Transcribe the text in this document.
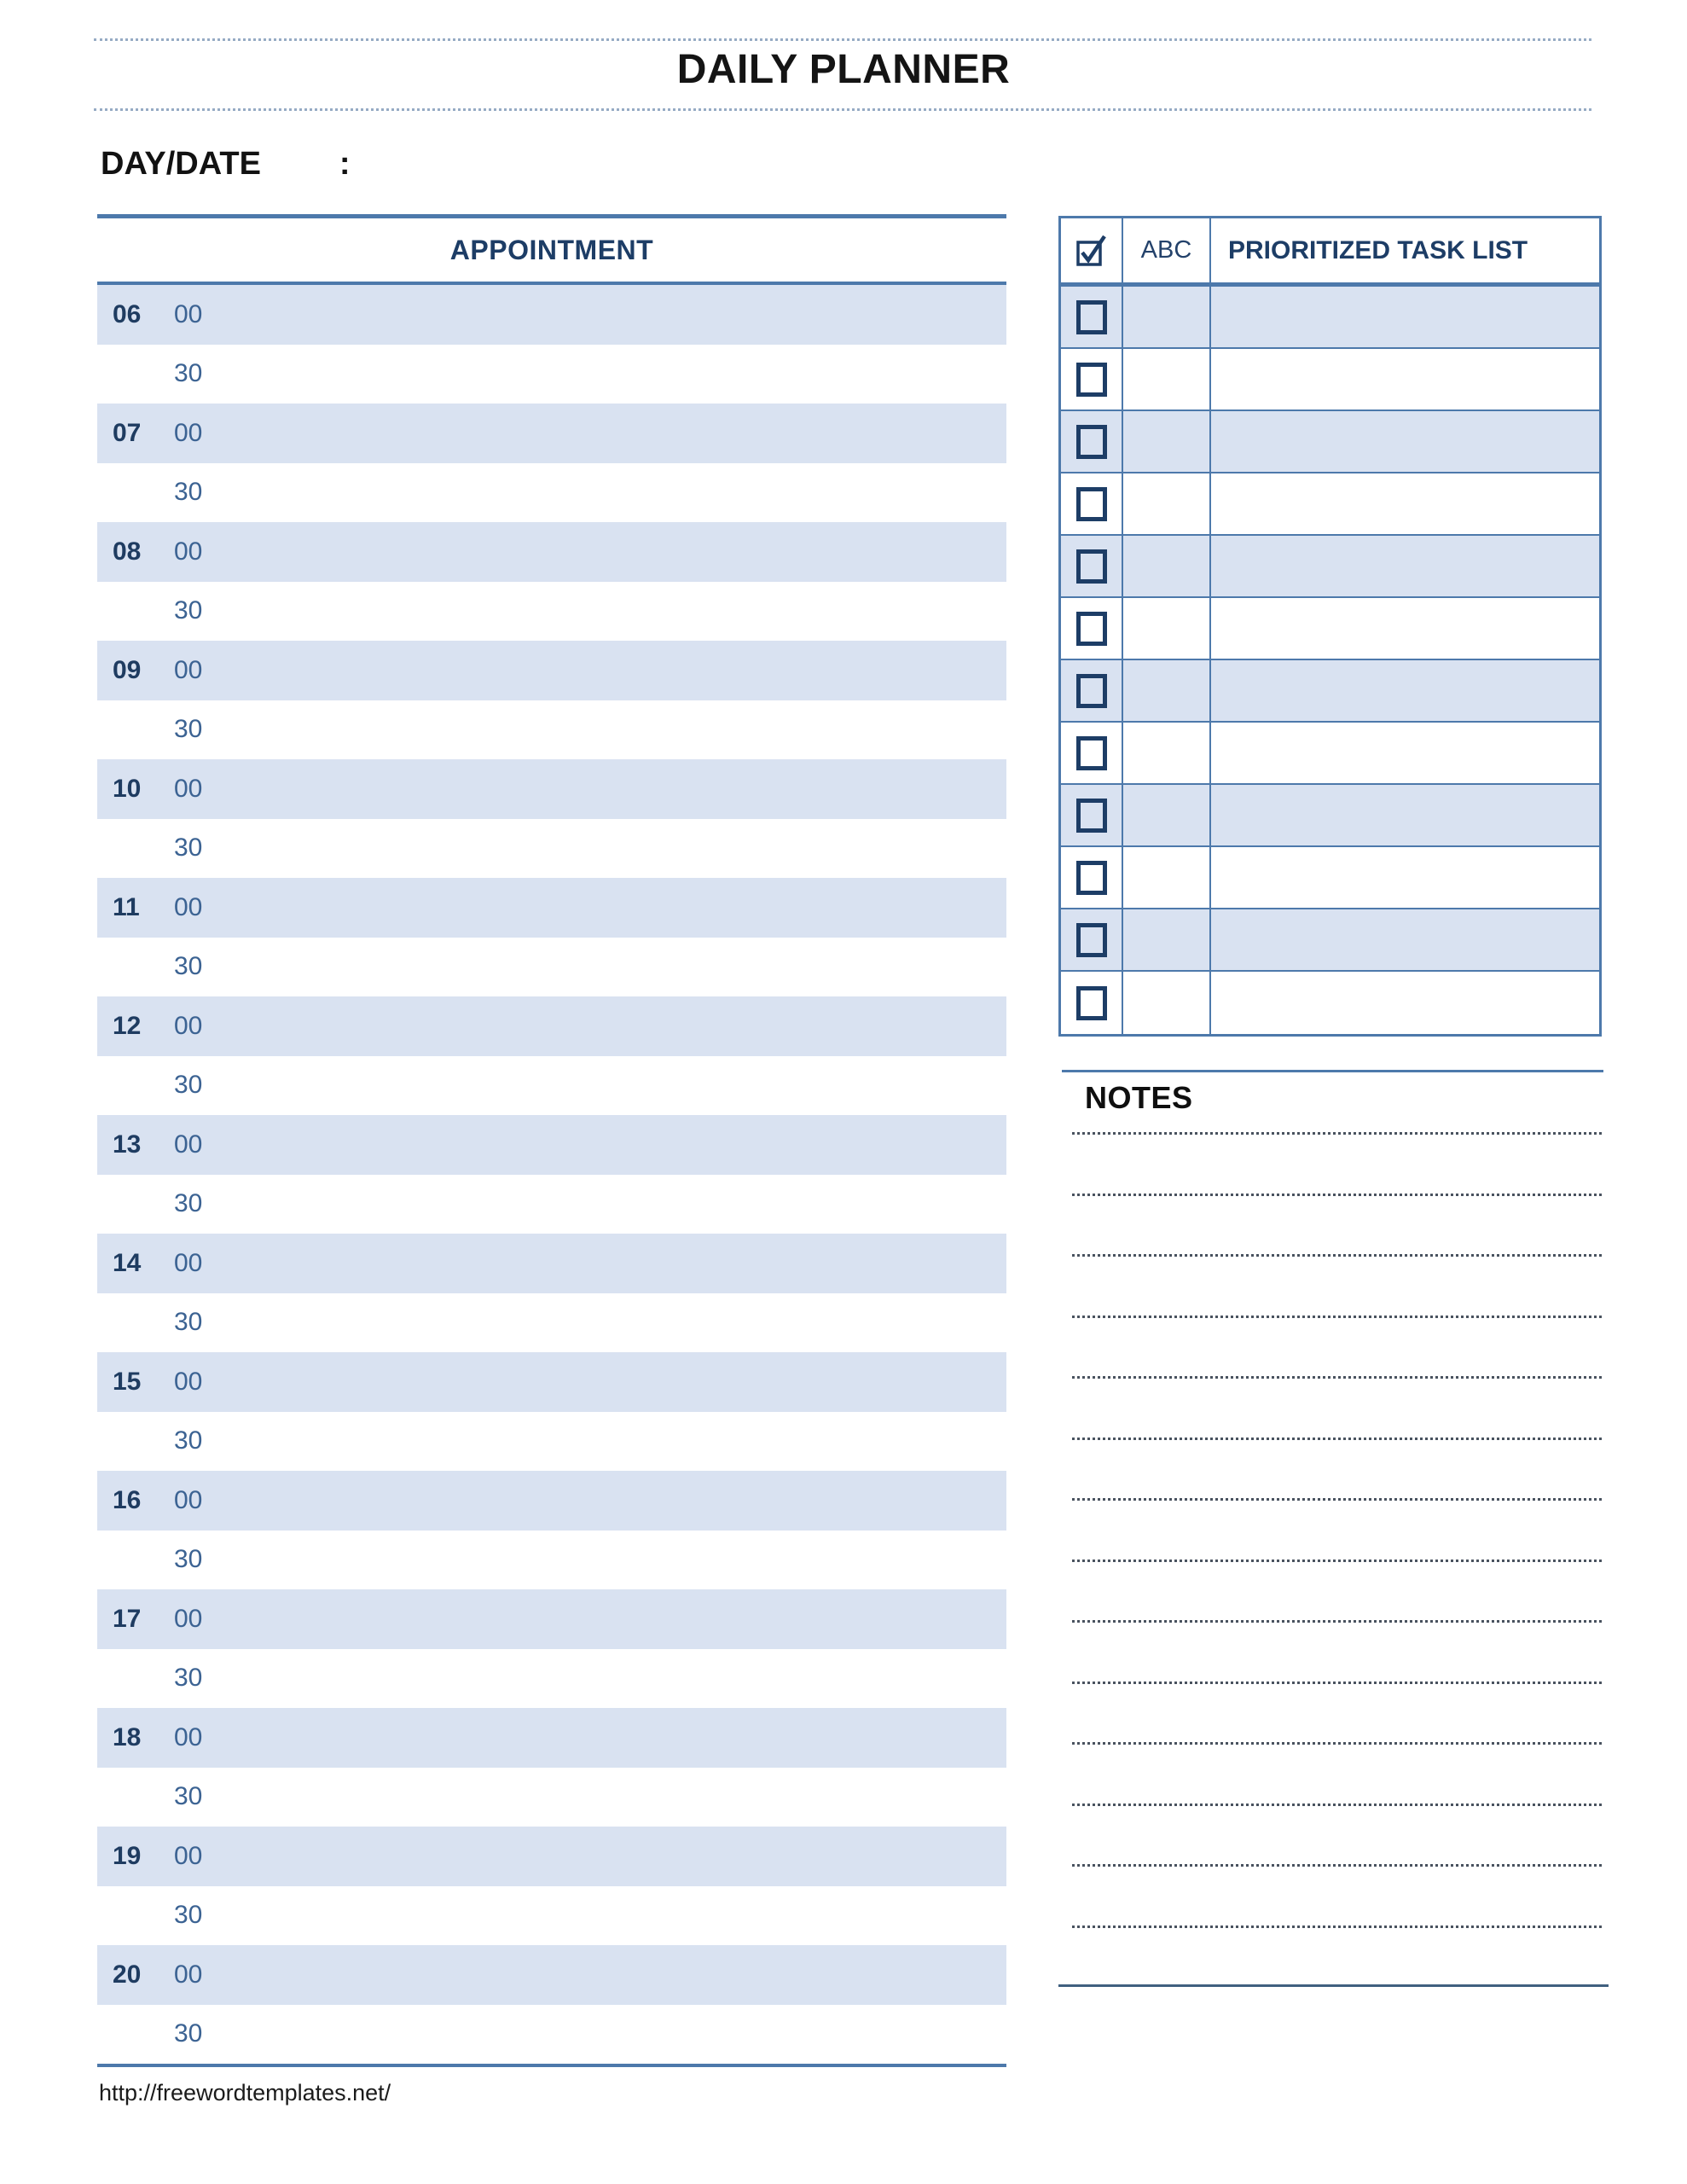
DAILY PLANNER
DAY/DATE :
APPOINTMENT
06	00
30
07	00
30
08	00
30
09	00
30
10	00
30
11	00
30
12	00
30
13	00
30
14	00
30
15	00
30
16	00
30
17	00
30
18	00
30
19	00
30
20	00
30
ABC	PRIORITIZED TASK LIST
NOTES
http://freewordtemplates.net/
